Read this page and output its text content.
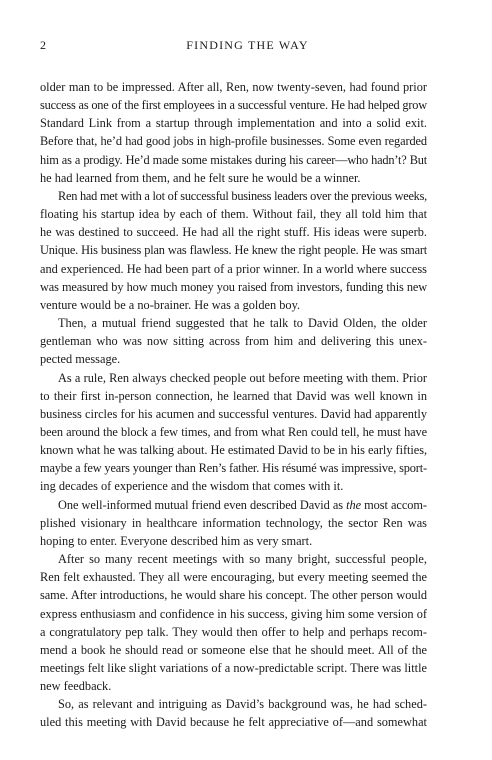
2	FINDING THE WAY
older man to be impressed. After all, Ren, now twenty-seven, had found prior
success as one of the first employees in a successful venture. He had helped grow
Standard Link from a startup through implementation and into a solid exit.
Before that, he’d had good jobs in high-profile businesses. Some even regarded
him as a prodigy. He’d made some mistakes during his career—who hadn’t? But
he had learned from them, and he felt sure he would be a winner.
Ren had met with a lot of successful business leaders over the previous weeks,
floating his startup idea by each of them. Without fail, they all told him that
he was destined to succeed. He had all the right stuff. His ideas were superb.
Unique. His business plan was flawless. He knew the right people. He was smart
and experienced. He had been part of a prior winner. In a world where success
was measured by how much money you raised from investors, funding this new
venture would be a no-brainer. He was a golden boy.
Then, a mutual friend suggested that he talk to David Olden, the older
gentleman who was now sitting across from him and delivering this unex-
pected message.
As a rule, Ren always checked people out before meeting with them. Prior
to their first in-person connection, he learned that David was well known in
business circles for his acumen and successful ventures. David had apparently
been around the block a few times, and from what Ren could tell, he must have
known what he was talking about. He estimated David to be in his early fifties,
maybe a few years younger than Ren’s father. His résumé was impressive, sport-
ing decades of experience and the wisdom that comes with it.
One well-informed mutual friend even described David as the most accom-
plished visionary in healthcare information technology, the sector Ren was
hoping to enter. Everyone described him as very smart.
After so many recent meetings with so many bright, successful people,
Ren felt exhausted. They all were encouraging, but every meeting seemed the
same. After introductions, he would share his concept. The other person would
express enthusiasm and confidence in his success, giving him some version of
a congratulatory pep talk. They would then offer to help and perhaps recom-
mend a book he should read or someone else that he should meet. All of the
meetings felt like slight variations of a now-predictable script. There was little
new feedback.
So, as relevant and intriguing as David’s background was, he had sched-
uled this meeting with David because he felt appreciative of—and somewhat
